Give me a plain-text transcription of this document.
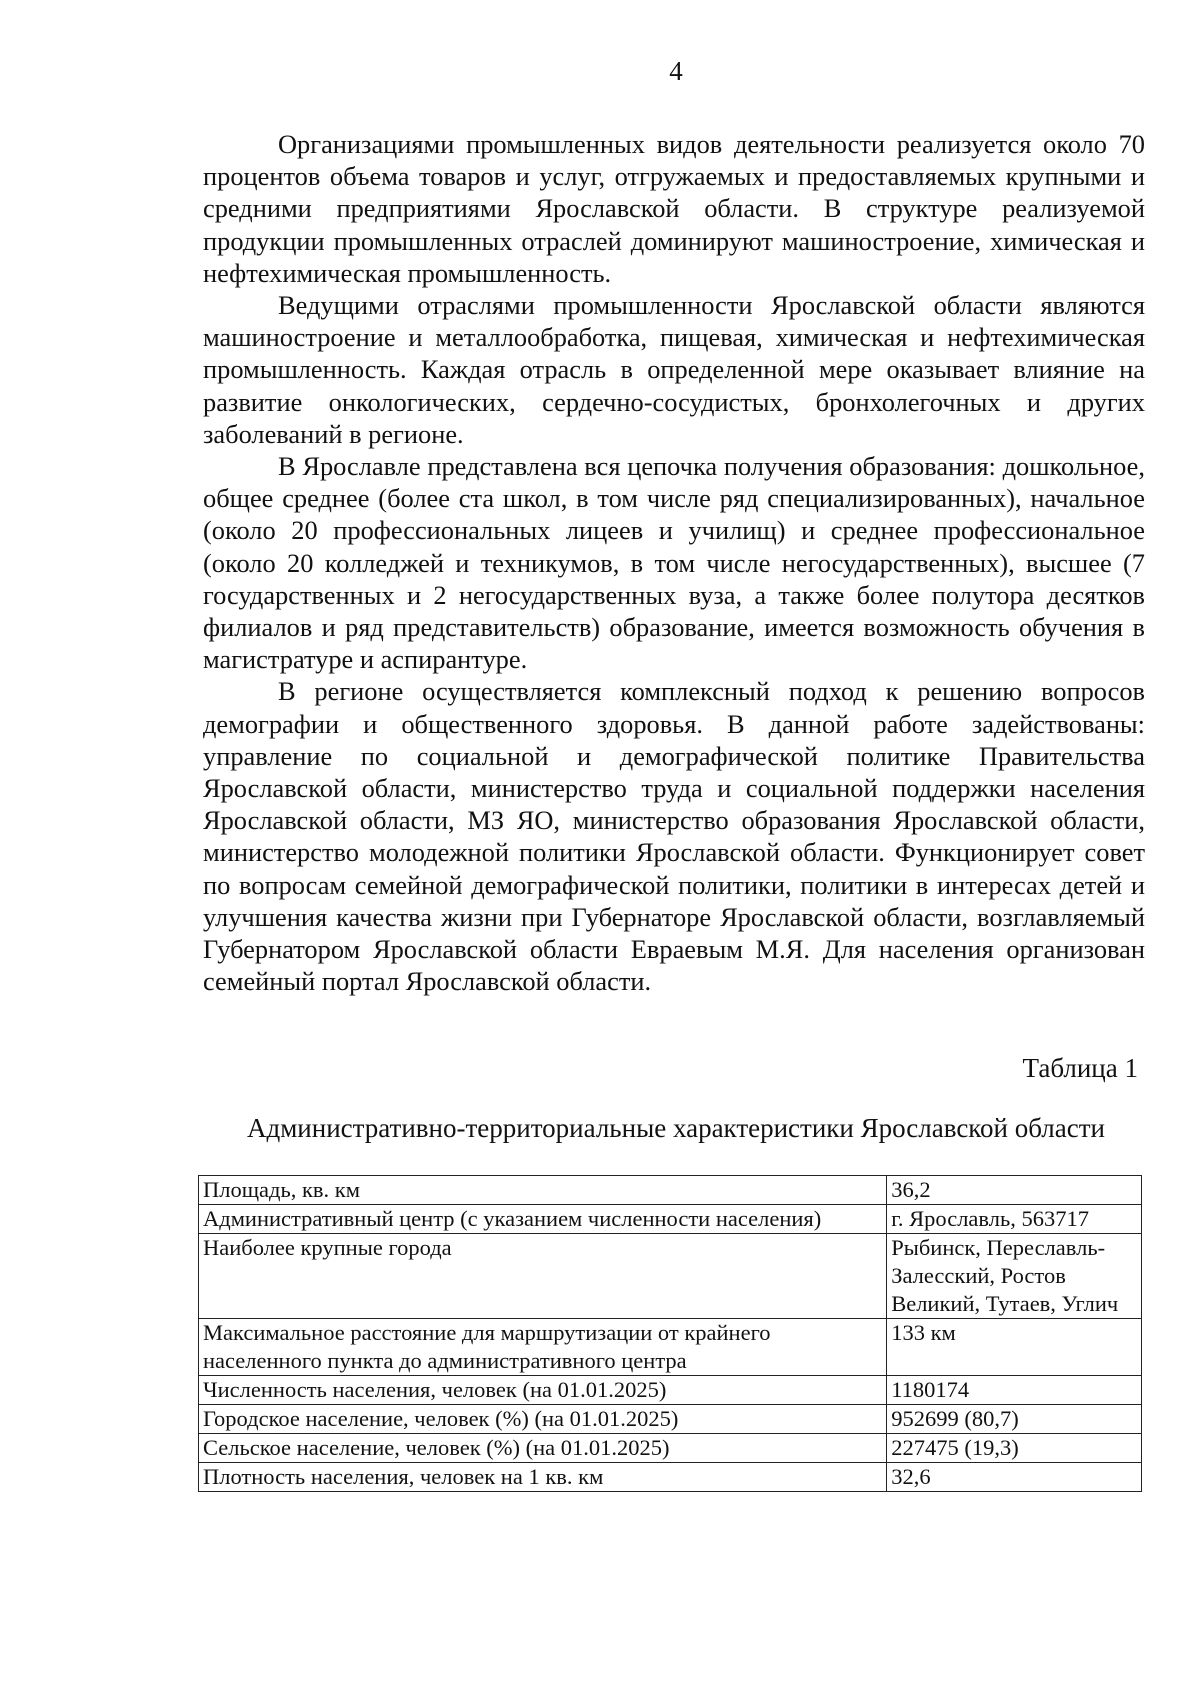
4

Организациями промышленных видов деятельности реализуется около 70 процентов объема товаров и услуг, отгружаемых и предоставляемых крупными и средними предприятиями Ярославской области. В структуре реализуемой продукции промышленных отраслей доминируют машиностроение, химическая и нефтехимическая промышленность.

Ведущими отраслями промышленности Ярославской области являются машиностроение и металлообработка, пищевая, химическая и нефтехимическая промышленность. Каждая отрасль в определенной мере оказывает влияние на развитие онкологических, сердечно-сосудистых, бронхолегочных и других заболеваний в регионе.

В Ярославле представлена вся цепочка получения образования: дошкольное, общее среднее (более ста школ, в том числе ряд специализированных), начальное (около 20 профессиональных лицеев и училищ) и среднее профессиональное (около 20 колледжей и техникумов, в том числе негосударственных), высшее (7 государственных и 2 негосударственных вуза, а также более полутора десятков филиалов и ряд представительств) образование, имеется возможность обучения в магистратуре и аспирантуре.

В регионе осуществляется комплексный подход к решению вопросов демографии и общественного здоровья. В данной работе задействованы: управление по социальной и демографической политике Правительства Ярославской области, министерство труда и социальной поддержки населения Ярославской области, МЗ ЯО, министерство образования Ярославской области, министерство молодежной политики Ярославской области. Функционирует совет по вопросам семейной демографической политики, политики в интересах детей и улучшения качества жизни при Губернаторе Ярославской области, возглавляемый Губернатором Ярославской области Евраевым М.Я. Для населения организован семейный портал Ярославской области.

Таблица 1
Административно-территориальные характеристики Ярославской области
Площадь, кв. км	36,2
Административный центр (с указанием численности населения)	г. Ярославль, 563717
Наиболее крупные города	Рыбинск, Переславль-Залесский, Ростов Великий, Тутаев, Углич
Максимальное расстояние для маршрутизации от крайнего населенного пункта до административного центра	133 км
Численность населения, человек (на 01.01.2025)	1180174
Городское население, человек (%) (на 01.01.2025)	952699 (80,7)
Сельское население, человек (%) (на 01.01.2025)	227475 (19,3)
Плотность населения, человек на 1 кв. км	32,6
